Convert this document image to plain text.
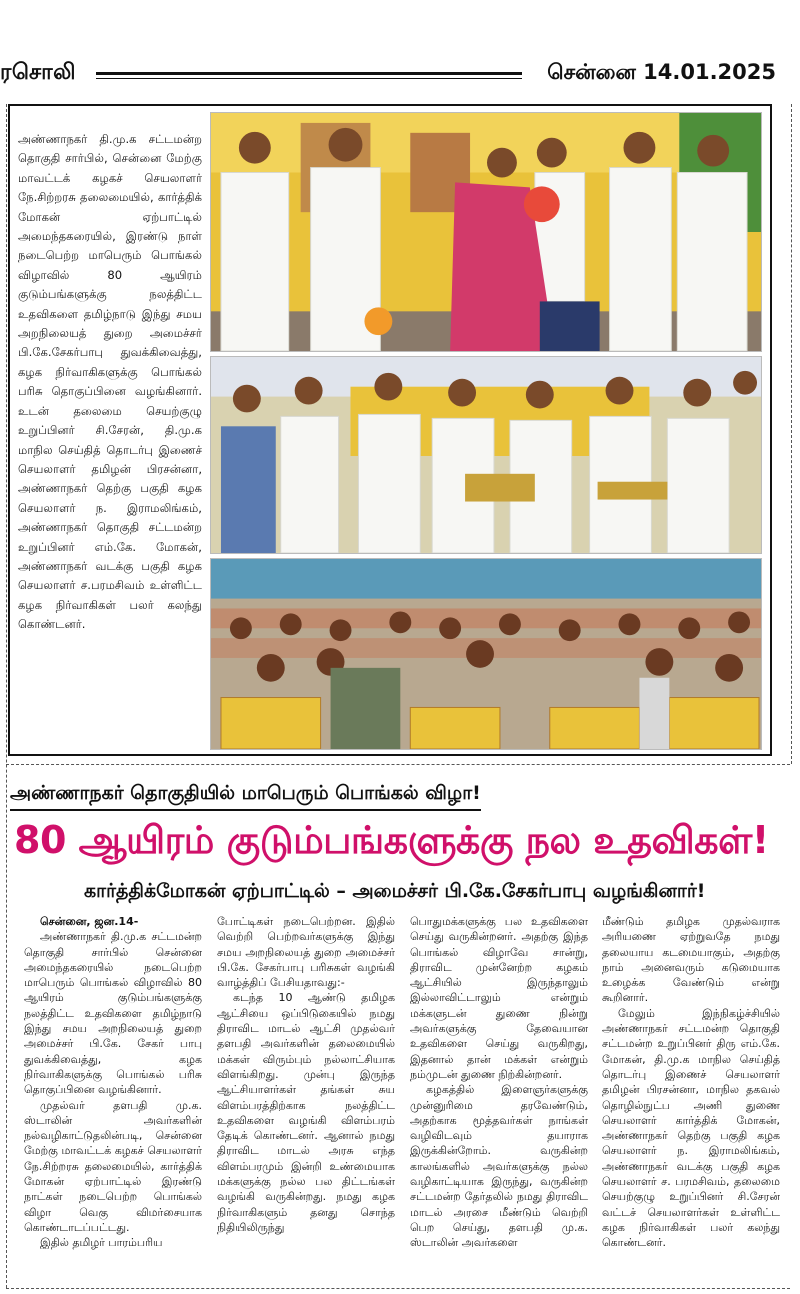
ரசொலி	சென்னை 14.01.2025
அண்ணாநகர் தி.மு.க சட்டமன்ற தொகுதி சார்பில், சென்னை மேற்கு மாவட்டக் கழகச் செயலாளர் நே.சிற்றரசு தலைமையில், கார்த்திக் மோகன் ஏற்பாட்டில் அமைந்தகரையில், இரண்டு நாள் நடைபெற்ற மாபெரும் பொங்கல் விழாவில் 80 ஆயிரம் குடும்பங்களுக்கு நலத்திட்ட உதவிகளை தமிழ்நாடு இந்து சமய அறநிலையத் துறை அமைச்சர் பி.கே.சேகர்பாபு துவக்கிவைத்து, கழக நிர்வாகிகளுக்கு பொங்கல் பரிசு தொகுப்பினை வழங்கினார். உடன் தலைமை செயற்குழு உறுப்பினர் சி.சேரன், தி.மு.க மாநில செய்தித் தொடர்பு இணைச் செயலாளர் தமிழன் பிரசன்னா, அண்ணாநகர் தெற்கு பகுதி கழக செயலாளர் ந. இராமலிங்கம், அண்ணாநகர் தொகுதி சட்டமன்ற உறுப்பினர் எம்.கே. மோகன், அண்ணாநகர் வடக்கு பகுதி கழக செயலாளர் ச.பரமசிவம் உள்ளிட்ட கழக நிர்வாகிகள் பலர் கலந்து கொண்டனர்.
அண்ணாநகர் தொகுதியில் மாபெரும் பொங்கல் விழா!
80 ஆயிரம் குடும்பங்களுக்கு நல உதவிகள்!
கார்த்திக்மோகன் ஏற்பாட்டில் – அமைச்சர் பி.கே.சேகர்பாபு வழங்கினார்!

சென்னை, ஜன.14-

அண்ணாநகர் தி.மு.க சட்டமன்ற தொகுதி சார்பில் சென்னை அமைந்தகரையில் நடைபெற்ற மாபெரும் பொங்கல் விழாவில் 80 ஆயிரம் குடும்பங்களுக்கு நலத்திட்ட உதவிகளை தமிழ்நாடு இந்து சமய அறநிலையத் துறை அமைச்சர் பி.கே. சேகர் பாபு துவக்கிவைத்து, கழக நிர்வாகிகளுக்கு பொங்கல் பரிசு தொகுப்பினை வழங்கினார்.

முதல்வர் தளபதி மு.க. ஸ்டாலின் அவர்களின் நல்வழிகாட்டுதலின்படி, சென்னை மேற்கு மாவட்டக் கழகச் செயலாளர் நே.சிற்றரசு தலைமையில், கார்த்திக் மோகன் ஏற்பாட்டில் இரண்டு நாட்கள் நடைபெற்ற பொங்கல் விழா வெகு விமர்சையாக கொண்டாடப்பட்டது.

இதில் தமிழர் பாரம்பரிய

போட்டிகள் நடைபெற்றன. இதில் வெற்றி பெற்றவர்களுக்கு இந்து சமய அறநிலையத் துறை அமைச்சர் பி.கே. சேகர்பாபு பரிசுகள் வழங்கி வாழ்த்திப் பேசியதாவது:-

கடந்த 10 ஆண்டு தமிழக ஆட்சியை ஒப்பிடுகையில் நமது திராவிட மாடல் ஆட்சி முதல்வர் தளபதி அவர்களின் தலைமையில் மக்கள் விரும்பும் நல்லாட்சியாக விளங்கிறது. முன்பு இருந்த ஆட்சியாளர்கள் தங்கள் சுய விளம்பரத்திற்காக நலத்திட்ட உதவிகளை வழங்கி விளம்பரம் தேடிக் கொண்டனர். ஆனால் நமது திராவிட மாடல் அரசு எந்த விளம்பரமும் இன்றி உண்மையாக மக்களுக்கு நல்ல பல திட்டங்கள் வழங்கி வருகின்றது. நமது கழக நிர்வாகிகளும் தனது சொந்த நிதியிலிருந்து

பொதுமக்களுக்கு பல உதவிகளை செய்து வருகின்றனர். அதற்கு இந்த பொங்கல் விழாவே சான்று, திராவிட முன்னேற்ற கழகம் ஆட்சியில் இருந்தாலும் இல்லாவிட்டாலும் என்றும் மக்களுடன் துணை நின்று அவர்களுக்கு தேவையான உதவிகளை செய்து வருகிறது, இதனால் தான் மக்கள் என்றும் நம்முடன் துணை நிற்கின்றனர்.

கழகத்தில் இளைஞர்களுக்கு முன்னுரிமை தரவேண்டும், அதற்காக மூத்தவர்கள் நாங்கள் வழிவிடவும் தயாராக இருக்கின்றோம். வருகின்ற காலங்களில் அவர்களுக்கு நல்ல வழிகாட்டியாக இருந்து, வருகின்ற சட்டமன்ற தேர்தலில் நமது திராவிட மாடல் அரசை மீண்டும் வெற்றி பெற செய்து, தளபதி மு.க. ஸ்டாலின் அவர்களை

மீண்டும் தமிழக முதல்வராக அரியணை ஏற்றுவதே நமது தலையாய கடமையாகும், அதற்கு நாம் அனைவரும் கடுமையாக உழைக்க வேண்டும் என்று கூறினார்.

மேலும் இந்நிகழ்ச்சியில் அண்ணாநகர் சட்டமன்ற தொகுதி சட்டமன்ற உறுப்பினர் திரு எம்.கே. மோகன், தி.மு.க மாநில செய்தித் தொடர்பு இணைச் செயலாளர் தமிழன் பிரசன்னா, மாநில தகவல் தொழில்நுட்ப அணி துணை செயலாளர் கார்த்திக் மோகன், அண்ணாநகர் தெற்கு பகுதி கழக செயலாளர் ந. இராமலிங்கம், அண்ணாநகர் வடக்கு பகுதி கழக செயலாளர் ச. பரமசிவம், தலைமை செயற்குழு உறுப்பினர் சி.சேரன் வட்டச் செயலாளர்கள் உள்ளிட்ட கழக நிர்வாகிகள் பலர் கலந்து கொண்டனர்.
